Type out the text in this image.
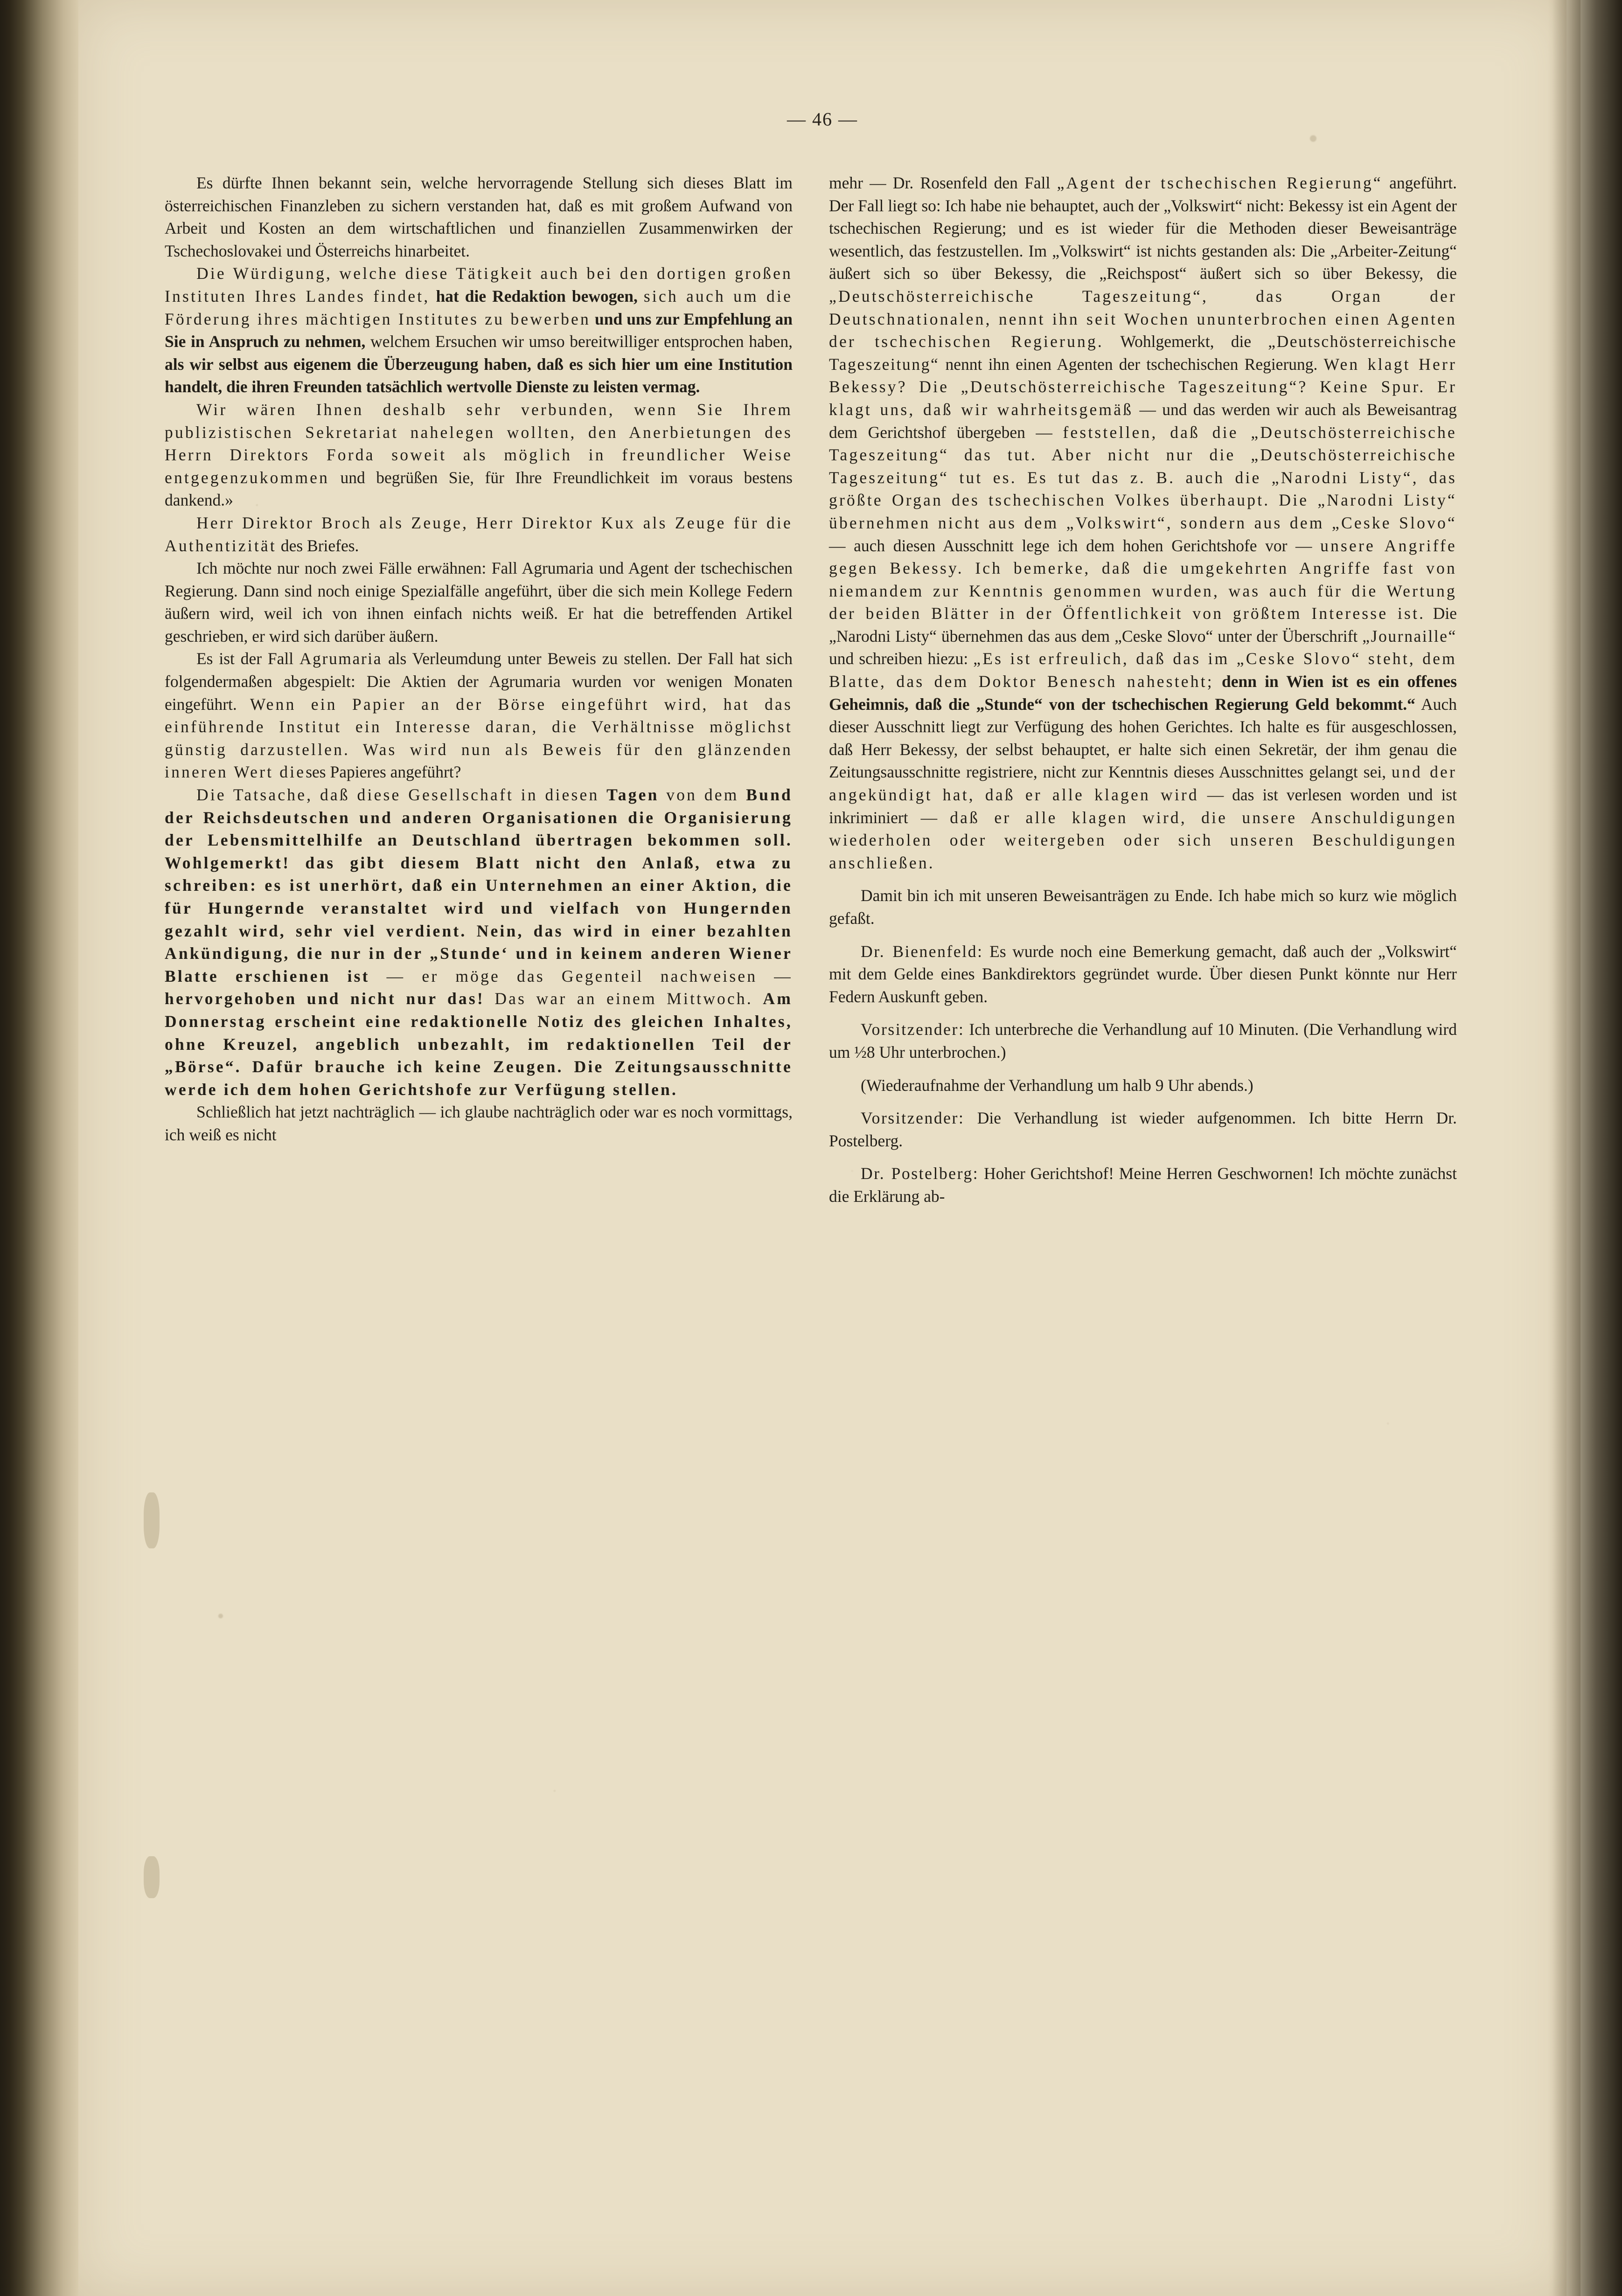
— 46 —

Es dürfte Ihnen bekannt sein, welche hervorragende Stellung sich dieses Blatt im österreichischen Finanzleben zu sichern verstanden hat, daß es mit großem Aufwand von Arbeit und Kosten an dem wirtschaftlichen und finanziellen Zusammenwirken der Tschechoslovakei und Österreichs hinarbeitet.

Die Würdigung, welche diese Tätigkeit auch bei den dortigen großen Instituten Ihres Landes findet, hat die Redaktion bewogen, sich auch um die Förderung ihres mächtigen Institutes zu bewerben und uns zur Empfehlung an Sie in Anspruch zu nehmen, welchem Ersuchen wir umso bereitwilliger entsprochen haben, als wir selbst aus eigenem die Überzeugung haben, daß es sich hier um eine Institution handelt, die ihren Freunden tatsächlich wertvolle Dienste zu leisten vermag.

Wir wären Ihnen deshalb sehr verbunden, wenn Sie Ihrem publizistischen Sekretariat nahelegen wollten, den Anerbietungen des Herrn Direktors Forda soweit als möglich in freundlicher Weise entgegenzukommen und begrüßen Sie, für Ihre Freundlichkeit im voraus bestens dankend.»

Herr Direktor Broch als Zeuge, Herr Direktor Kux als Zeuge für die Authentizität des Briefes.

Ich möchte nur noch zwei Fälle erwähnen: Fall Agrumaria und Agent der tschechischen Regierung. Dann sind noch einige Spezialfälle angeführt, über die sich mein Kollege Federn äußern wird, weil ich von ihnen einfach nichts weiß. Er hat die betreffenden Artikel geschrieben, er wird sich darüber äußern.

Es ist der Fall Agrumaria als Verleumdung unter Beweis zu stellen. Der Fall hat sich folgendermaßen abgespielt: Die Aktien der Agrumaria wurden vor wenigen Monaten eingeführt. Wenn ein Papier an der Börse eingeführt wird, hat das einführende Institut ein Interesse daran, die Verhältnisse möglichst günstig darzustellen. Was wird nun als Beweis für den glänzenden inneren Wert dieses Papieres angeführt?

Die Tatsache, daß diese Gesellschaft in diesen Tagen von dem Bund der Reichsdeutschen und anderen Organisationen die Organisierung der Lebensmittelhilfe an Deutschland übertragen bekommen soll. Wohlgemerkt! das gibt diesem Blatt nicht den Anlaß, etwa zu schreiben: es ist unerhört, daß ein Unternehmen an einer Aktion, die für Hungernde veranstaltet wird und vielfach von Hungernden gezahlt wird, sehr viel verdient. Nein, das wird in einer bezahlten Ankündigung, die nur in der „Stunde‘ und in keinem anderen Wiener Blatte erschienen ist — er möge das Gegenteil nachweisen — hervorgehoben und nicht nur das! Das war an einem Mittwoch. Am Donnerstag erscheint eine redaktionelle Notiz des gleichen Inhaltes, ohne Kreuzel, angeblich unbezahlt, im redaktionellen Teil der „Börse“. Dafür brauche ich keine Zeugen. Die Zeitungsausschnitte werde ich dem hohen Gerichtshofe zur Verfügung stellen.

Schließlich hat jetzt nachträglich — ich glaube nachträglich oder war es noch vormittags, ich weiß es nicht

mehr — Dr. Rosenfeld den Fall „Agent der tschechischen Regierung“ angeführt. Der Fall liegt so: Ich habe nie behauptet, auch der „Volkswirt“ nicht: Bekessy ist ein Agent der tschechischen Regierung; und es ist wieder für die Methoden dieser Beweisanträge wesentlich, das festzustellen. Im „Volkswirt“ ist nichts gestanden als: Die „Arbeiter-Zeitung“ äußert sich so über Bekessy, die „Reichspost“ äußert sich so über Bekessy, die „Deutschösterreichische Tageszeitung“, das Organ der Deutschnationalen, nennt ihn seit Wochen ununterbrochen einen Agenten der tschechischen Regierung. Wohlgemerkt, die „Deutschösterreichische Tageszeitung“ nennt ihn einen Agenten der tschechischen Regierung. Wen klagt Herr Bekessy? Die „Deutschösterreichische Tageszeitung“? Keine Spur. Er klagt uns, daß wir wahrheitsgemäß — und das werden wir auch als Beweisantrag dem Gerichtshof übergeben — feststellen, daß die „Deutschösterreichische Tageszeitung“ das tut. Aber nicht nur die „Deutschösterreichische Tageszeitung“ tut es. Es tut das z. B. auch die „Narodni Listy“, das größte Organ des tschechischen Volkes überhaupt. Die „Narodni Listy“ übernehmen nicht aus dem „Volkswirt“, sondern aus dem „Ceske Slovo“ — auch diesen Ausschnitt lege ich dem hohen Gerichtshofe vor — unsere Angriffe gegen Bekessy. Ich bemerke, daß die umgekehrten Angriffe fast von niemandem zur Kenntnis genommen wurden, was auch für die Wertung der beiden Blätter in der Öffentlichkeit von größtem Interesse ist. Die „Narodni Listy“ übernehmen das aus dem „Ceske Slovo“ unter der Überschrift „Journaille“ und schreiben hiezu: „Es ist erfreulich, daß das im „Ceske Slovo“ steht, dem Blatte, das dem Doktor Benesch nahesteht; denn in Wien ist es ein offenes Geheimnis, daß die „Stunde“ von der tschechischen Regierung Geld bekommt.“ Auch dieser Ausschnitt liegt zur Verfügung des hohen Gerichtes. Ich halte es für ausgeschlossen, daß Herr Bekessy, der selbst behauptet, er halte sich einen Sekretär, der ihm genau die Zeitungsausschnitte registriere, nicht zur Kenntnis dieses Ausschnittes gelangt sei, und der angekündigt hat, daß er alle klagen wird — das ist verlesen worden und ist inkriminiert — daß er alle klagen wird, die unsere Anschuldigungen wiederholen oder weitergeben oder sich unseren Beschuldigungen anschließen.

Damit bin ich mit unseren Beweisanträgen zu Ende. Ich habe mich so kurz wie möglich gefaßt.

Dr. Bienenfeld: Es wurde noch eine Bemerkung gemacht, daß auch der „Volkswirt“ mit dem Gelde eines Bankdirektors gegründet wurde. Über diesen Punkt könnte nur Herr Federn Auskunft geben.

Vorsitzender: Ich unterbreche die Verhandlung auf 10 Minuten. (Die Verhandlung wird um ½8 Uhr unterbrochen.)

(Wiederaufnahme der Verhandlung um halb 9 Uhr abends.)

Vorsitzender: Die Verhandlung ist wieder aufgenommen. Ich bitte Herrn Dr. Postelberg.

Dr. Postelberg: Hoher Gerichtshof! Meine Herren Geschwornen! Ich möchte zunächst die Erklärung ab-
